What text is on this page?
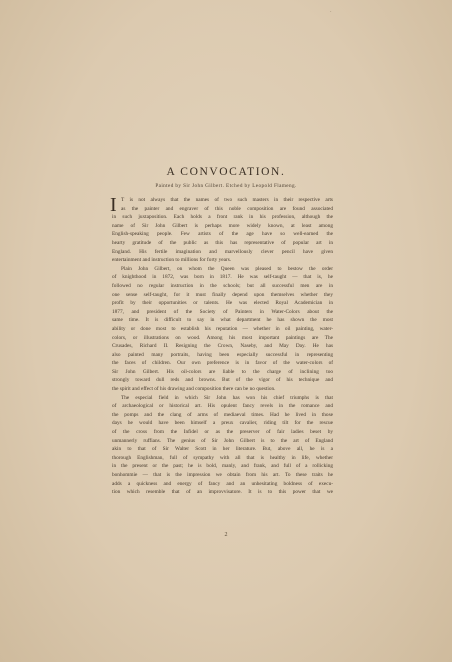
·
A CONVOCATION.
Painted by Sir John Gilbert. Etched by Leopold Flameng.
I T is not always that the names of two such masters in their respective arts
as the painter and engraver of this noble composition are found associated
in such juxtaposition. Each holds a front rank in his profession, although the
name of Sir John Gilbert is perhaps more widely known, at least among
English-speaking people. Few artists of the age have so well-earned the
hearty gratitude of the public as this has representative of popular art in
England. His fertile imagination and marvellously clever pencil have given
entertainment and instruction to millions for forty years.
Plain John Gilbert, on whom the Queen was pleased to bestow the order
of knighthood in 1872, was born in 1817. He was self-taught — that is, he
followed no regular instruction in the schools; but all successful men are in
one sense self-taught, for it must finally depend upon themselves whether they
profit by their opportunities or talents. He was elected Royal Academician in
1877, and president of the Society of Painters in Water-Colors about the
same time. It is difficult to say in what department he has shown the most
ability or done most to establish his reputation — whether in oil painting, water-
colors, or illustrations on wood. Among his most important paintings are The
Crusades, Richard II. Resigning the Crown, Naseby, and May Day. He has
also painted many portraits, having been especially successful in representing
the faces of children. Our own preference is in favor of the water-colors of
Sir John Gilbert. His oil-colors are liable to the charge of inclining too
strongly toward dull reds and browns. But of the vigor of his technique and
the spirit and effect of his drawing and composition there can be no question.
The especial field in which Sir John has won his chief triumphs is that
of archaeological or historical art. His opulent fancy revels in the romance and
the pomps and the clang of arms of mediaeval times. Had he lived in those
days he would have been himself a preux cavalier, riding tilt for the rescue
of the cross from the Infidel or as the preserver of fair ladies beset by
unmannerly ruffians. The genius of Sir John Gilbert is to the art of England
akin to that of Sir Walter Scott in her literature. But, above all, he is a
thorough Englishman, full of sympathy with all that is healthy in life, whether
in the present or the past; he is bold, manly, and frank, and full of a rollicking
bonhommie — that is the impression we obtain from his art. To these traits he
adds a quickness and energy of fancy and an unhesitating boldness of execu-
tion which resemble that of an improvvisatore. It is to this power that we
2
